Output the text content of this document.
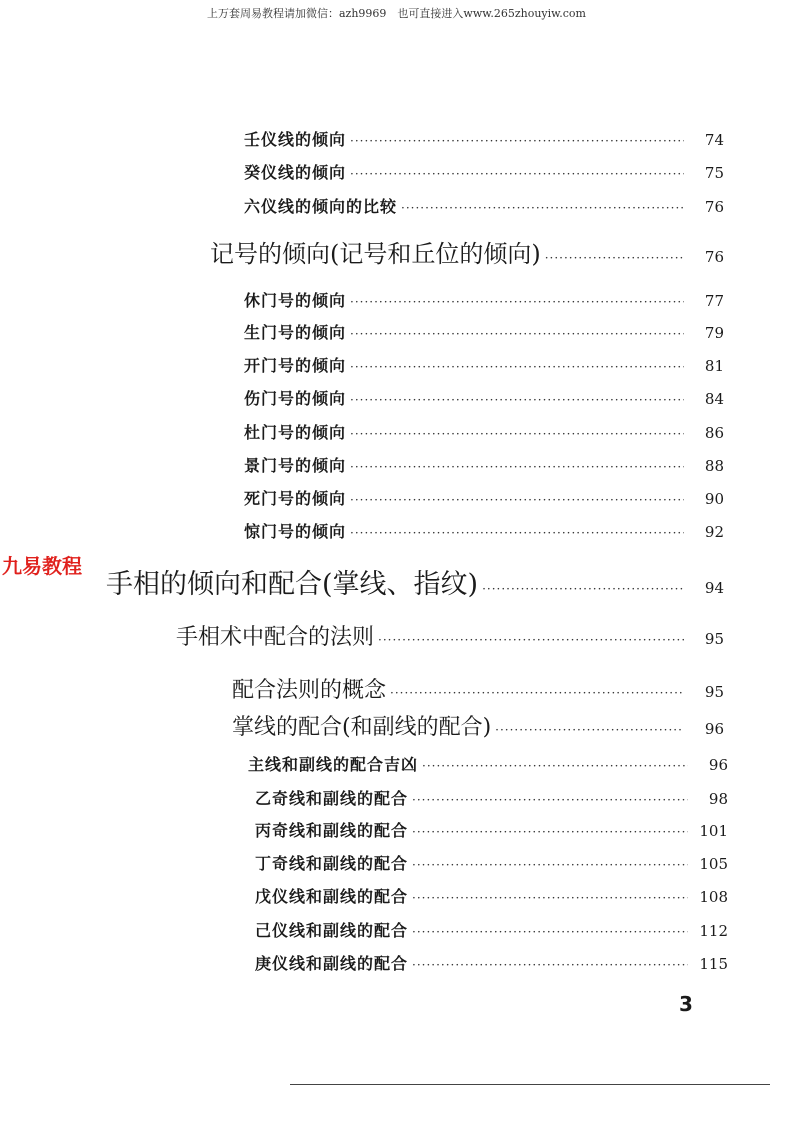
上万套周易教程请加微信：azh9969　也可直接进入www.265zhouyiw.com
九易教程
壬仪线的倾向 ·····	74
癸仪线的倾向 ·····	75
六仪线的倾向的比较 ·····	76
记号的倾向(记号和丘位的倾向) ·····	76
休门号的倾向 ·····	77
生门号的倾向 ·····	79
开门号的倾向 ·····	81
伤门号的倾向 ·····	84
杜门号的倾向 ·····	86
景门号的倾向 ·····	88
死门号的倾向 ·····	90
惊门号的倾向 ·····	92
手相的倾向和配合(掌线、指纹) ·····	94
手相术中配合的法则 ·····	95
配合法则的概念 ·····	95
掌线的配合(和副线的配合) ·····	96
主线和副线的配合吉凶 ·····	96
乙奇线和副线的配合 ·····	98
丙奇线和副线的配合 ·····	101
丁奇线和副线的配合 ·····	105
戊仪线和副线的配合 ·····	108
己仪线和副线的配合 ·····	112
庚仪线和副线的配合 ·····	115
3
